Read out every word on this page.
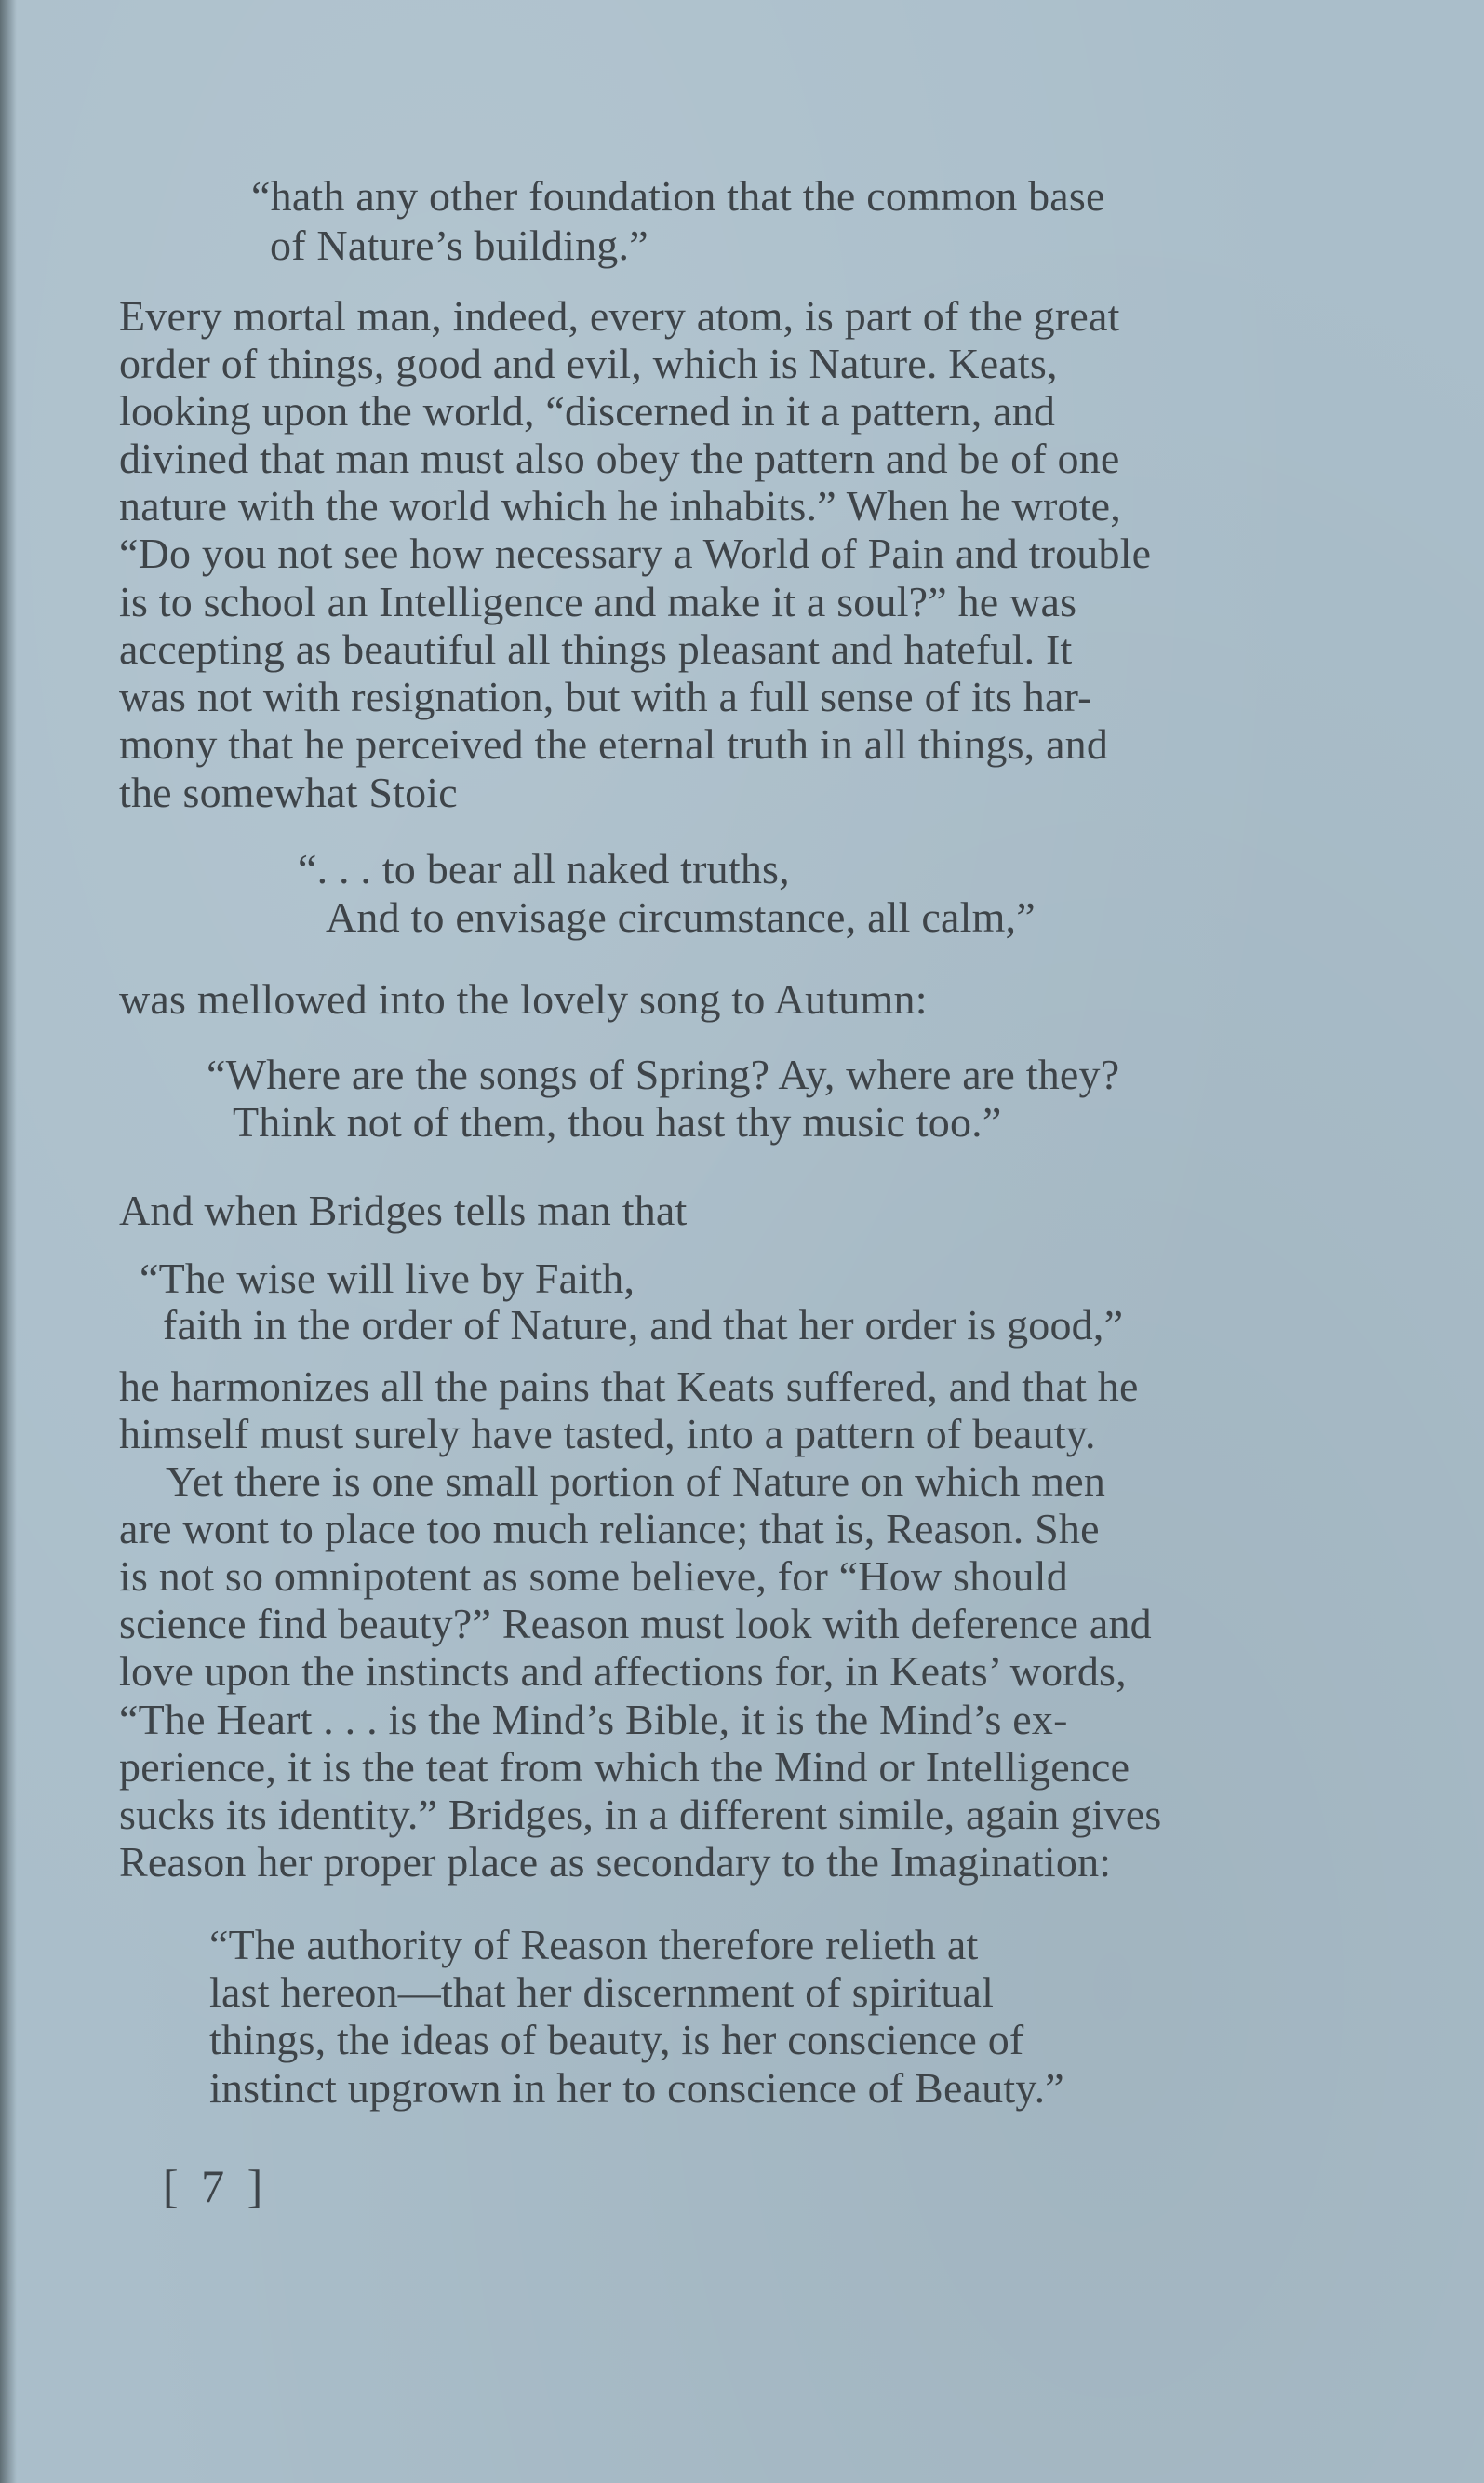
“hath any other foundation that the common base
of Nature’s building.”
Every mortal man, indeed, every atom, is part of the great
order of things, good and evil, which is Nature. Keats,
looking upon the world, “discerned in it a pattern, and
divined that man must also obey the pattern and be of one
nature with the world which he inhabits.” When he wrote,
“Do you not see how necessary a World of Pain and trouble
is to school an Intelligence and make it a soul?” he was
accepting as beautiful all things pleasant and hateful. It
was not with resignation, but with a full sense of its har-
mony that he perceived the eternal truth in all things, and
the somewhat Stoic
“. . . to bear all naked truths,
And to envisage circumstance, all calm,”
was mellowed into the lovely song to Autumn:
“Where are the songs of Spring? Ay, where are they?
Think not of them, thou hast thy music too.”
And when Bridges tells man that
“The wise will live by Faith,
faith in the order of Nature, and that her order is good,”
he harmonizes all the pains that Keats suffered, and that he
himself must surely have tasted, into a pattern of beauty.
Yet there is one small portion of Nature on which men
are wont to place too much reliance; that is, Reason. She
is not so omnipotent as some believe, for “How should
science find beauty?” Reason must look with deference and
love upon the instincts and affections for, in Keats’ words,
“The Heart . . . is the Mind’s Bible, it is the Mind’s ex-
perience, it is the teat from which the Mind or Intelligence
sucks its identity.” Bridges, in a different simile, again gives
Reason her proper place as secondary to the Imagination:
“The authority of Reason therefore relieth at
last hereon—that her discernment of spiritual
things, the ideas of beauty, is her conscience of
instinct upgrown in her to conscience of Beauty.”
[ 7 ]
